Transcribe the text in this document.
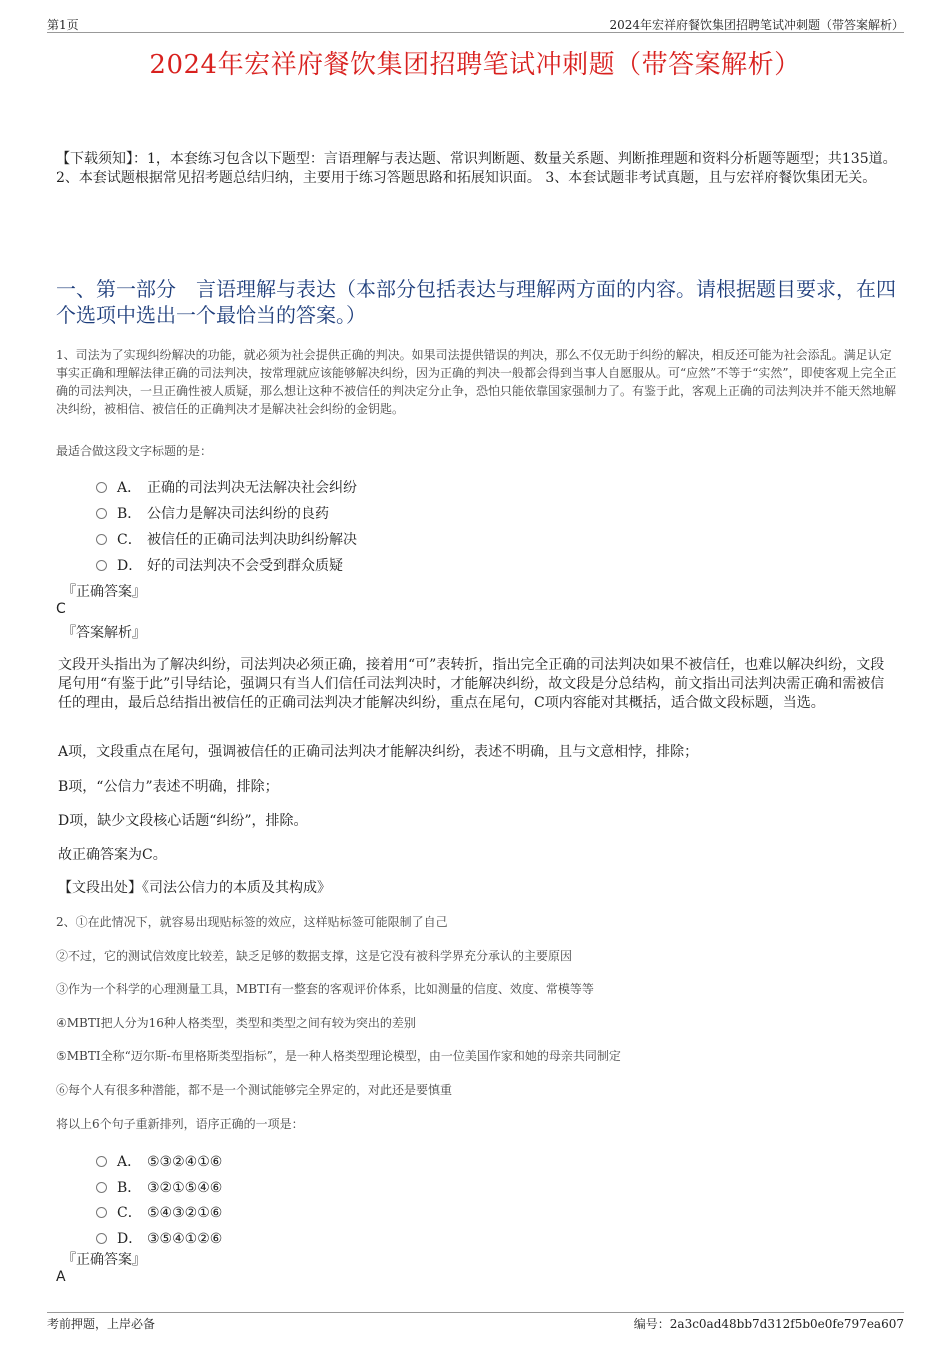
第1页	2024年宏祥府餐饮集团招聘笔试冲刺题（带答案解析）
2024年宏祥府餐饮集团招聘笔试冲刺题（带答案解析）
【下载须知】：1，本套练习包含以下题型：言语理解与表达题、常识判断题、数量关系题、判断推理题和资料分析题等题型；共135道。 2、本套试题根据常见招考题总结归纳，主要用于练习答题思路和拓展知识面。 3、本套试题非考试真题，且与宏祥府餐饮集团无关。
一、第一部分　言语理解与表达（本部分包括表达与理解两方面的内容。请根据题目要求，在四个选项中选出一个最恰当的答案。）
1、司法为了实现纠纷解决的功能，就必须为社会提供正确的判决。如果司法提供错误的判决，那么不仅无助于纠纷的解决，相反还可能为社会添乱。满足认定事实正确和理解法律正确的司法判决，按常理就应该能够解决纠纷，因为正确的判决一般都会得到当事人自愿服从。可“应然”不等于“实然”，即使客观上完全正确的司法判决，一旦正确性被人质疑，那么想让这种不被信任的判决定分止争，恐怕只能依靠国家强制力了。有鉴于此，客观上正确的司法判决并不能天然地解决纠纷，被相信、被信任的正确判决才是解决社会纠纷的金钥匙。
最适合做这段文字标题的是：
A． 正确的司法判决无法解决社会纠纷
B． 公信力是解决司法纠纷的良药
C． 被信任的正确司法判决助纠纷解决
D． 好的司法判决不会受到群众质疑
『正确答案』
C
『答案解析』
文段开头指出为了解决纠纷，司法判决必须正确，接着用“可”表转折，指出完全正确的司法判决如果不被信任，也难以解决纠纷，文段尾句用“有鉴于此”引导结论，强调只有当人们信任司法判决时，才能解决纠纷，故文段是分总结构，前文指出司法判决需正确和需被信任的理由，最后总结指出被信任的正确司法判决才能解决纠纷，重点在尾句，C项内容能对其概括，适合做文段标题，当选。
A项，文段重点在尾句，强调被信任的正确司法判决才能解决纠纷，表述不明确，且与文意相悖，排除；
B项，“公信力”表述不明确，排除；
D项，缺少文段核心话题“纠纷”，排除。
故正确答案为C。
【文段出处】《司法公信力的本质及其构成》
2、①在此情况下，就容易出现贴标签的效应，这样贴标签可能限制了自己
②不过，它的测试信效度比较差，缺乏足够的数据支撑，这是它没有被科学界充分承认的主要原因
③作为一个科学的心理测量工具，MBTI有一整套的客观评价体系，比如测量的信度、效度、常模等等
④MBTI把人分为16种人格类型，类型和类型之间有较为突出的差别
⑤MBTI全称“迈尔斯-布里格斯类型指标”，是一种人格类型理论模型，由一位美国作家和她的母亲共同制定
⑥每个人有很多种潜能，都不是一个测试能够完全界定的，对此还是要慎重
将以上6个句子重新排列，语序正确的一项是：
A． ⑤③②④①⑥
B． ③②①⑤④⑥
C． ⑤④③②①⑥
D． ③⑤④①②⑥
『正确答案』
A
考前押题，上岸必备	编号：2a3c0ad48bb7d312f5b0e0fe797ea607
